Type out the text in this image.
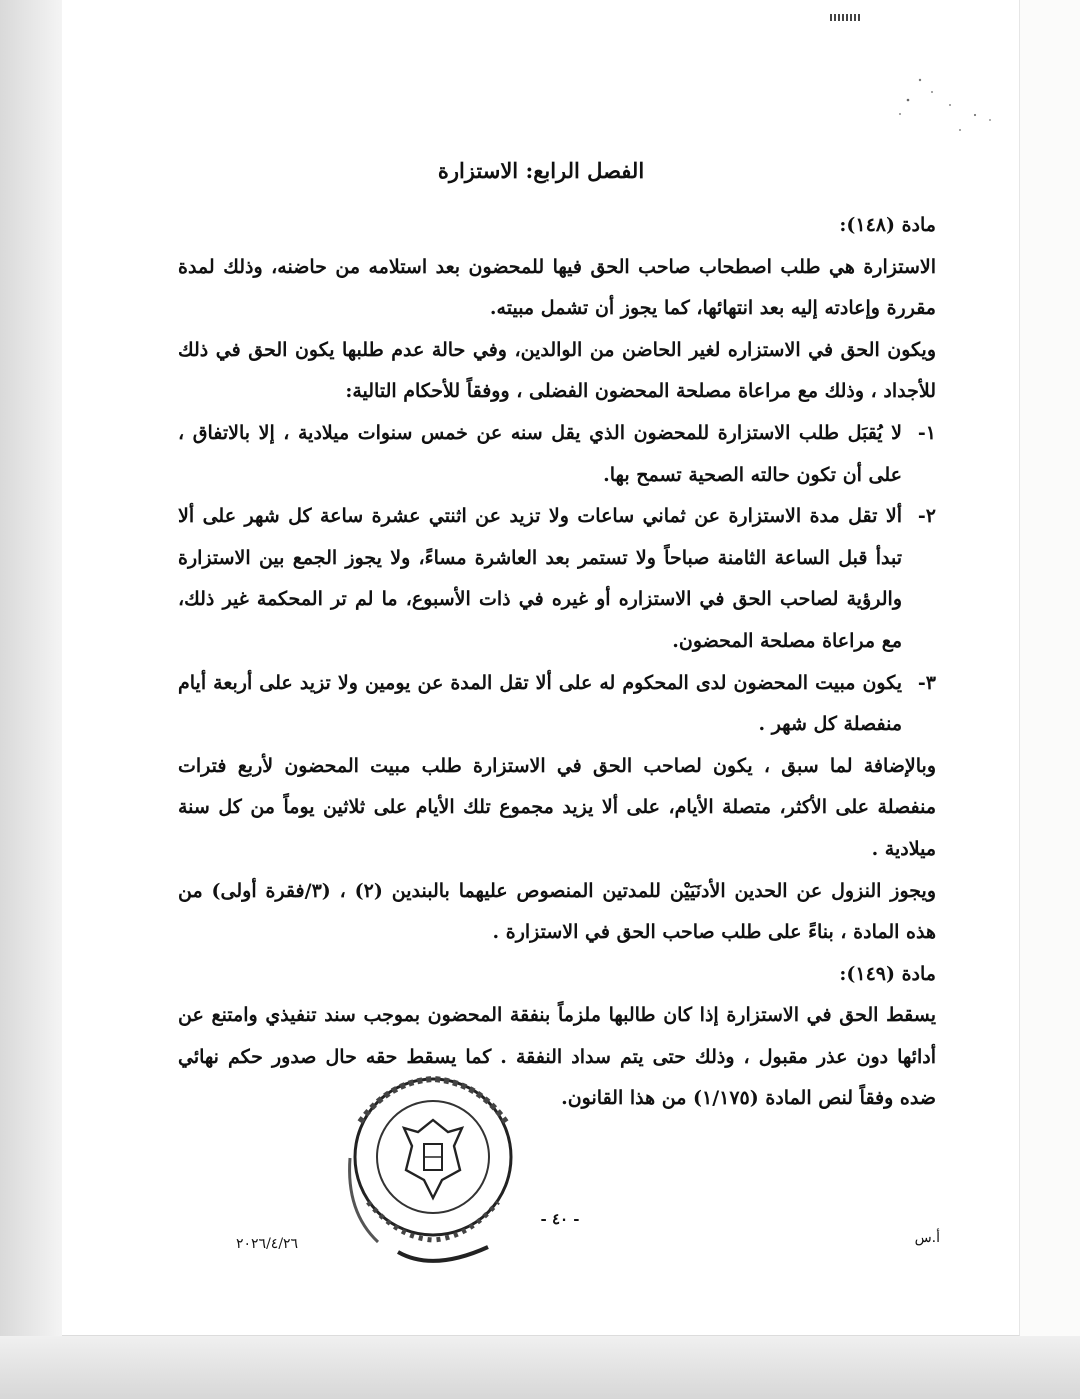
الفصل الرابع: الاستزارة
مادة (١٤٨):

الاستزارة هي طلب اصطحاب صاحب الحق فيها للمحضون بعد استلامه من حاضنه، وذلك لمدة مقررة وإعادته إليه بعد انتهائها، كما يجوز أن تشمل مبيته.

ويكون الحق في الاستزاره لغير الحاضن من الوالدين، وفي حالة عدم طلبها يكون الحق في ذلك للأجداد ، وذلك مع مراعاة مصلحة المحضون الفضلى ، ووفقاً للأحكام التالية:

١-
لا يُقبَل طلب الاستزارة للمحضون الذي يقل سنه عن خمس سنوات ميلادية ، إلا بالاتفاق ، على أن تكون حالته الصحية تسمح بها.
٢-
ألا تقل مدة الاستزارة عن ثماني ساعات ولا تزيد عن اثنتي عشرة ساعة كل شهر على ألا تبدأ قبل الساعة الثامنة صباحاً ولا تستمر بعد العاشرة مساءً، ولا يجوز الجمع بين الاستزارة والرؤية لصاحب الحق في الاستزاره أو غيره في ذات الأسبوع، ما لم تر المحكمة غير ذلك، مع مراعاة مصلحة المحضون.
٣-
يكون مبيت المحضون لدى المحكوم له على ألا تقل المدة عن يومين ولا تزيد على أربعة أيام منفصلة كل شهر .

وبالإضافة لما سبق ، يكون لصاحب الحق في الاستزارة طلب مبيت المحضون لأربع فترات منفصلة على الأكثر، متصلة الأيام، على ألا يزيد مجموع تلك الأيام على ثلاثين يوماً من كل سنة ميلادية .

ويجوز النزول عن الحدين الأدنَيَيْن للمدتين المنصوص عليهما بالبندين (٢) ، (٣/فقرة أولى) من هذه المادة ، بناءً على طلب صاحب الحق في الاستزارة .

مادة (١٤٩):

يسقط الحق في الاستزارة إذا كان طالبها ملزماً بنفقة المحضون بموجب سند تنفيذي وامتنع عن أدائها دون عذر مقبول ، وذلك حتى يتم سداد النفقة . كما يسقط حقه حال صدور حكم نهائي ضده وفقاً لنص المادة (١/١٧٥) من هذا القانون.

- ٤٠ -
٢٠٢٦/٤/٢٦	أ.س
